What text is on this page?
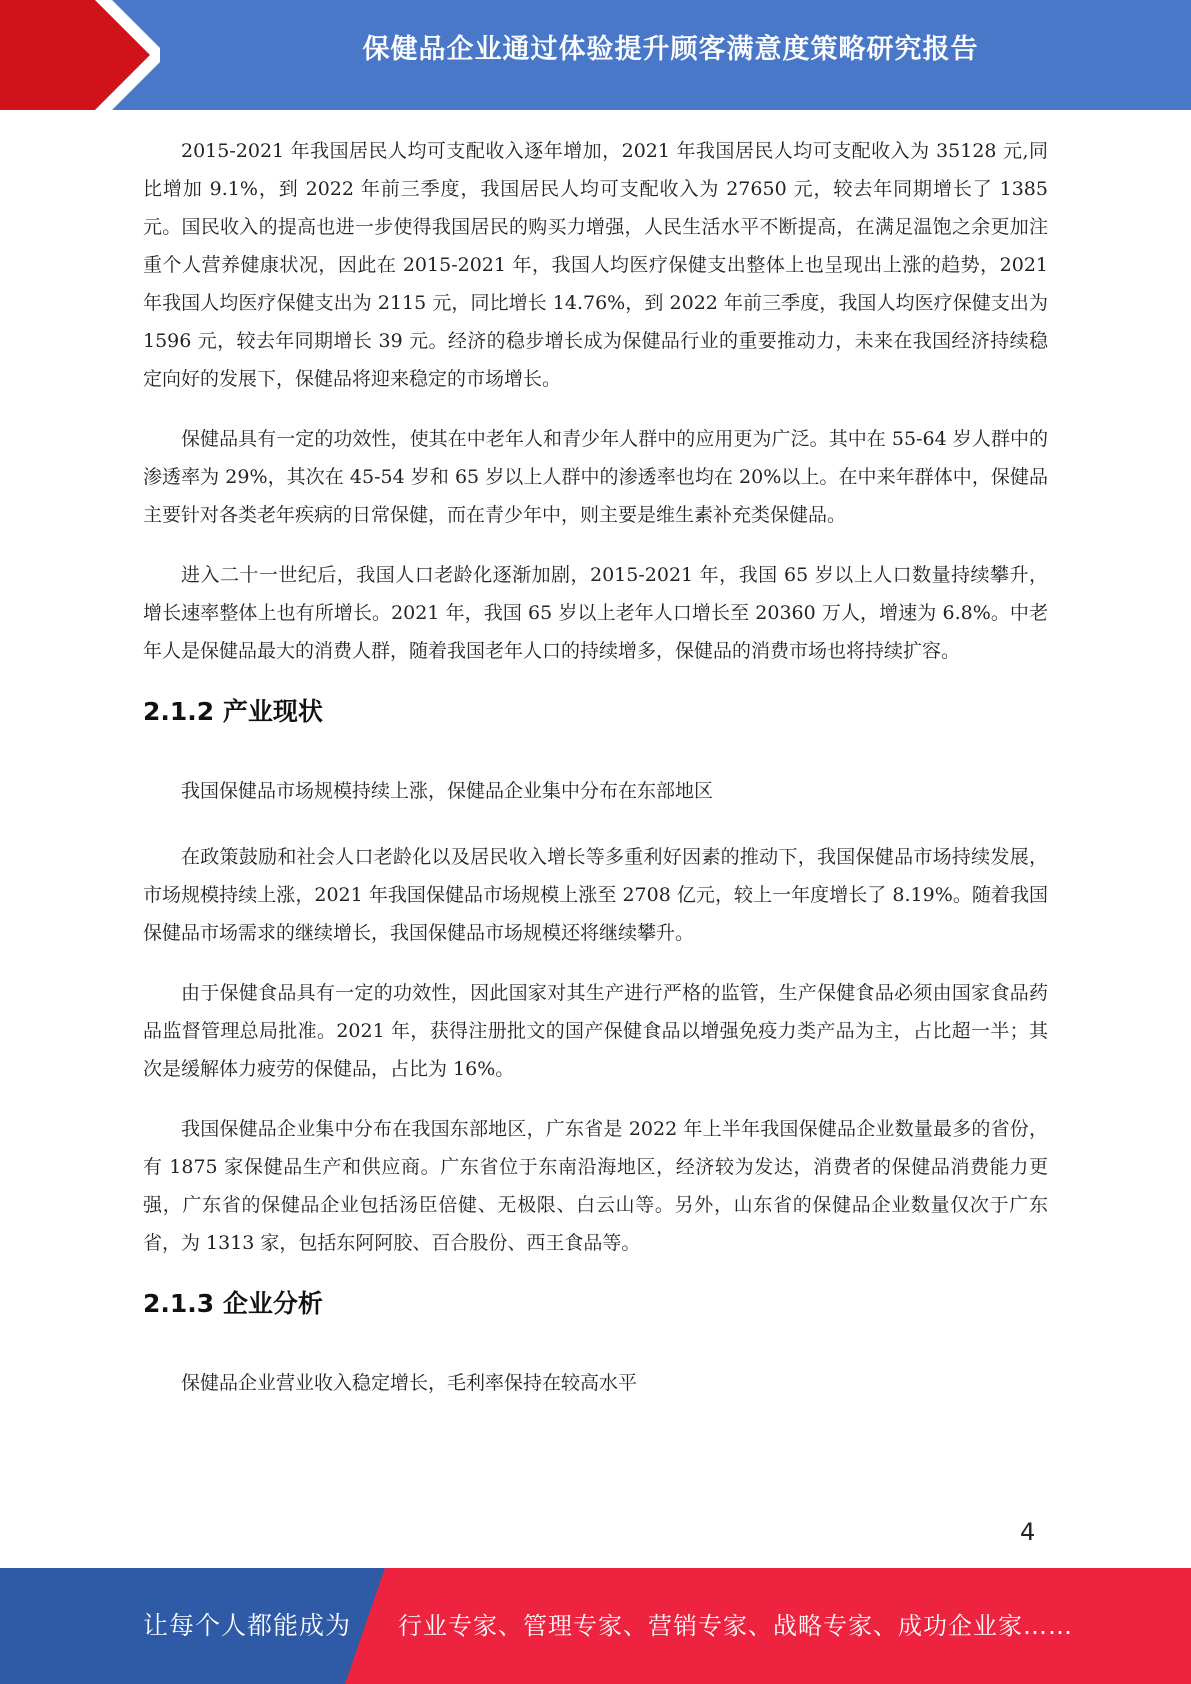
保健品企业通过体验提升顾客满意度策略研究报告

2015-2021 年我国居民人均可支配收入逐年增加，2021 年我国居民人均可支配收入为 35128 元,同比增加 9.1%，到 2022 年前三季度，我国居民人均可支配收入为 27650 元，较去年同期增长了 1385 元。国民收入的提高也进一步使得我国居民的购买力增强，人民生活水平不断提高，在满足温饱之余更加注重个人营养健康状况，因此在 2015-2021 年，我国人均医疗保健支出整体上也呈现出上涨的趋势，2021 年我国人均医疗保健支出为 2115 元，同比增长 14.76%，到 2022 年前三季度，我国人均医疗保健支出为 1596 元，较去年同期增长 39 元。经济的稳步增长成为保健品行业的重要推动力，未来在我国经济持续稳定向好的发展下，保健品将迎来稳定的市场增长。

保健品具有一定的功效性，使其在中老年人和青少年人群中的应用更为广泛。其中在 55-64 岁人群中的渗透率为 29%，其次在 45-54 岁和 65 岁以上人群中的渗透率也均在 20%以上。在中来年群体中，保健品主要针对各类老年疾病的日常保健，而在青少年中，则主要是维生素补充类保健品。

进入二十一世纪后，我国人口老龄化逐渐加剧，2015-2021 年，我国 65 岁以上人口数量持续攀升，增长速率整体上也有所增长。2021 年，我国 65 岁以上老年人口增长至 20360 万人，增速为 6.8%。中老年人是保健品最大的消费人群，随着我国老年人口的持续增多，保健品的消费市场也将持续扩容。

2.1.2 产业现状

我国保健品市场规模持续上涨，保健品企业集中分布在东部地区

在政策鼓励和社会人口老龄化以及居民收入增长等多重利好因素的推动下，我国保健品市场持续发展，市场规模持续上涨，2021 年我国保健品市场规模上涨至 2708 亿元，较上一年度增长了 8.19%。随着我国保健品市场需求的继续增长，我国保健品市场规模还将继续攀升。

由于保健食品具有一定的功效性，因此国家对其生产进行严格的监管，生产保健食品必须由国家食品药品监督管理总局批准。2021 年，获得注册批文的国产保健食品以增强免疫力类产品为主，占比超一半；其次是缓解体力疲劳的保健品，占比为 16%。

我国保健品企业集中分布在我国东部地区，广东省是 2022 年上半年我国保健品企业数量最多的省份，有 1875 家保健品生产和供应商。广东省位于东南沿海地区，经济较为发达，消费者的保健品消费能力更强，广东省的保健品企业包括汤臣倍健、无极限、白云山等。另外，山东省的保健品企业数量仅次于广东省，为 1313 家，包括东阿阿胶、百合股份、西王食品等。

2.1.3 企业分析

保健品企业营业收入稳定增长，毛利率保持在较高水平

4
让每个人都能成为 行业专家、管理专家、营销专家、战略专家、成功企业家……
